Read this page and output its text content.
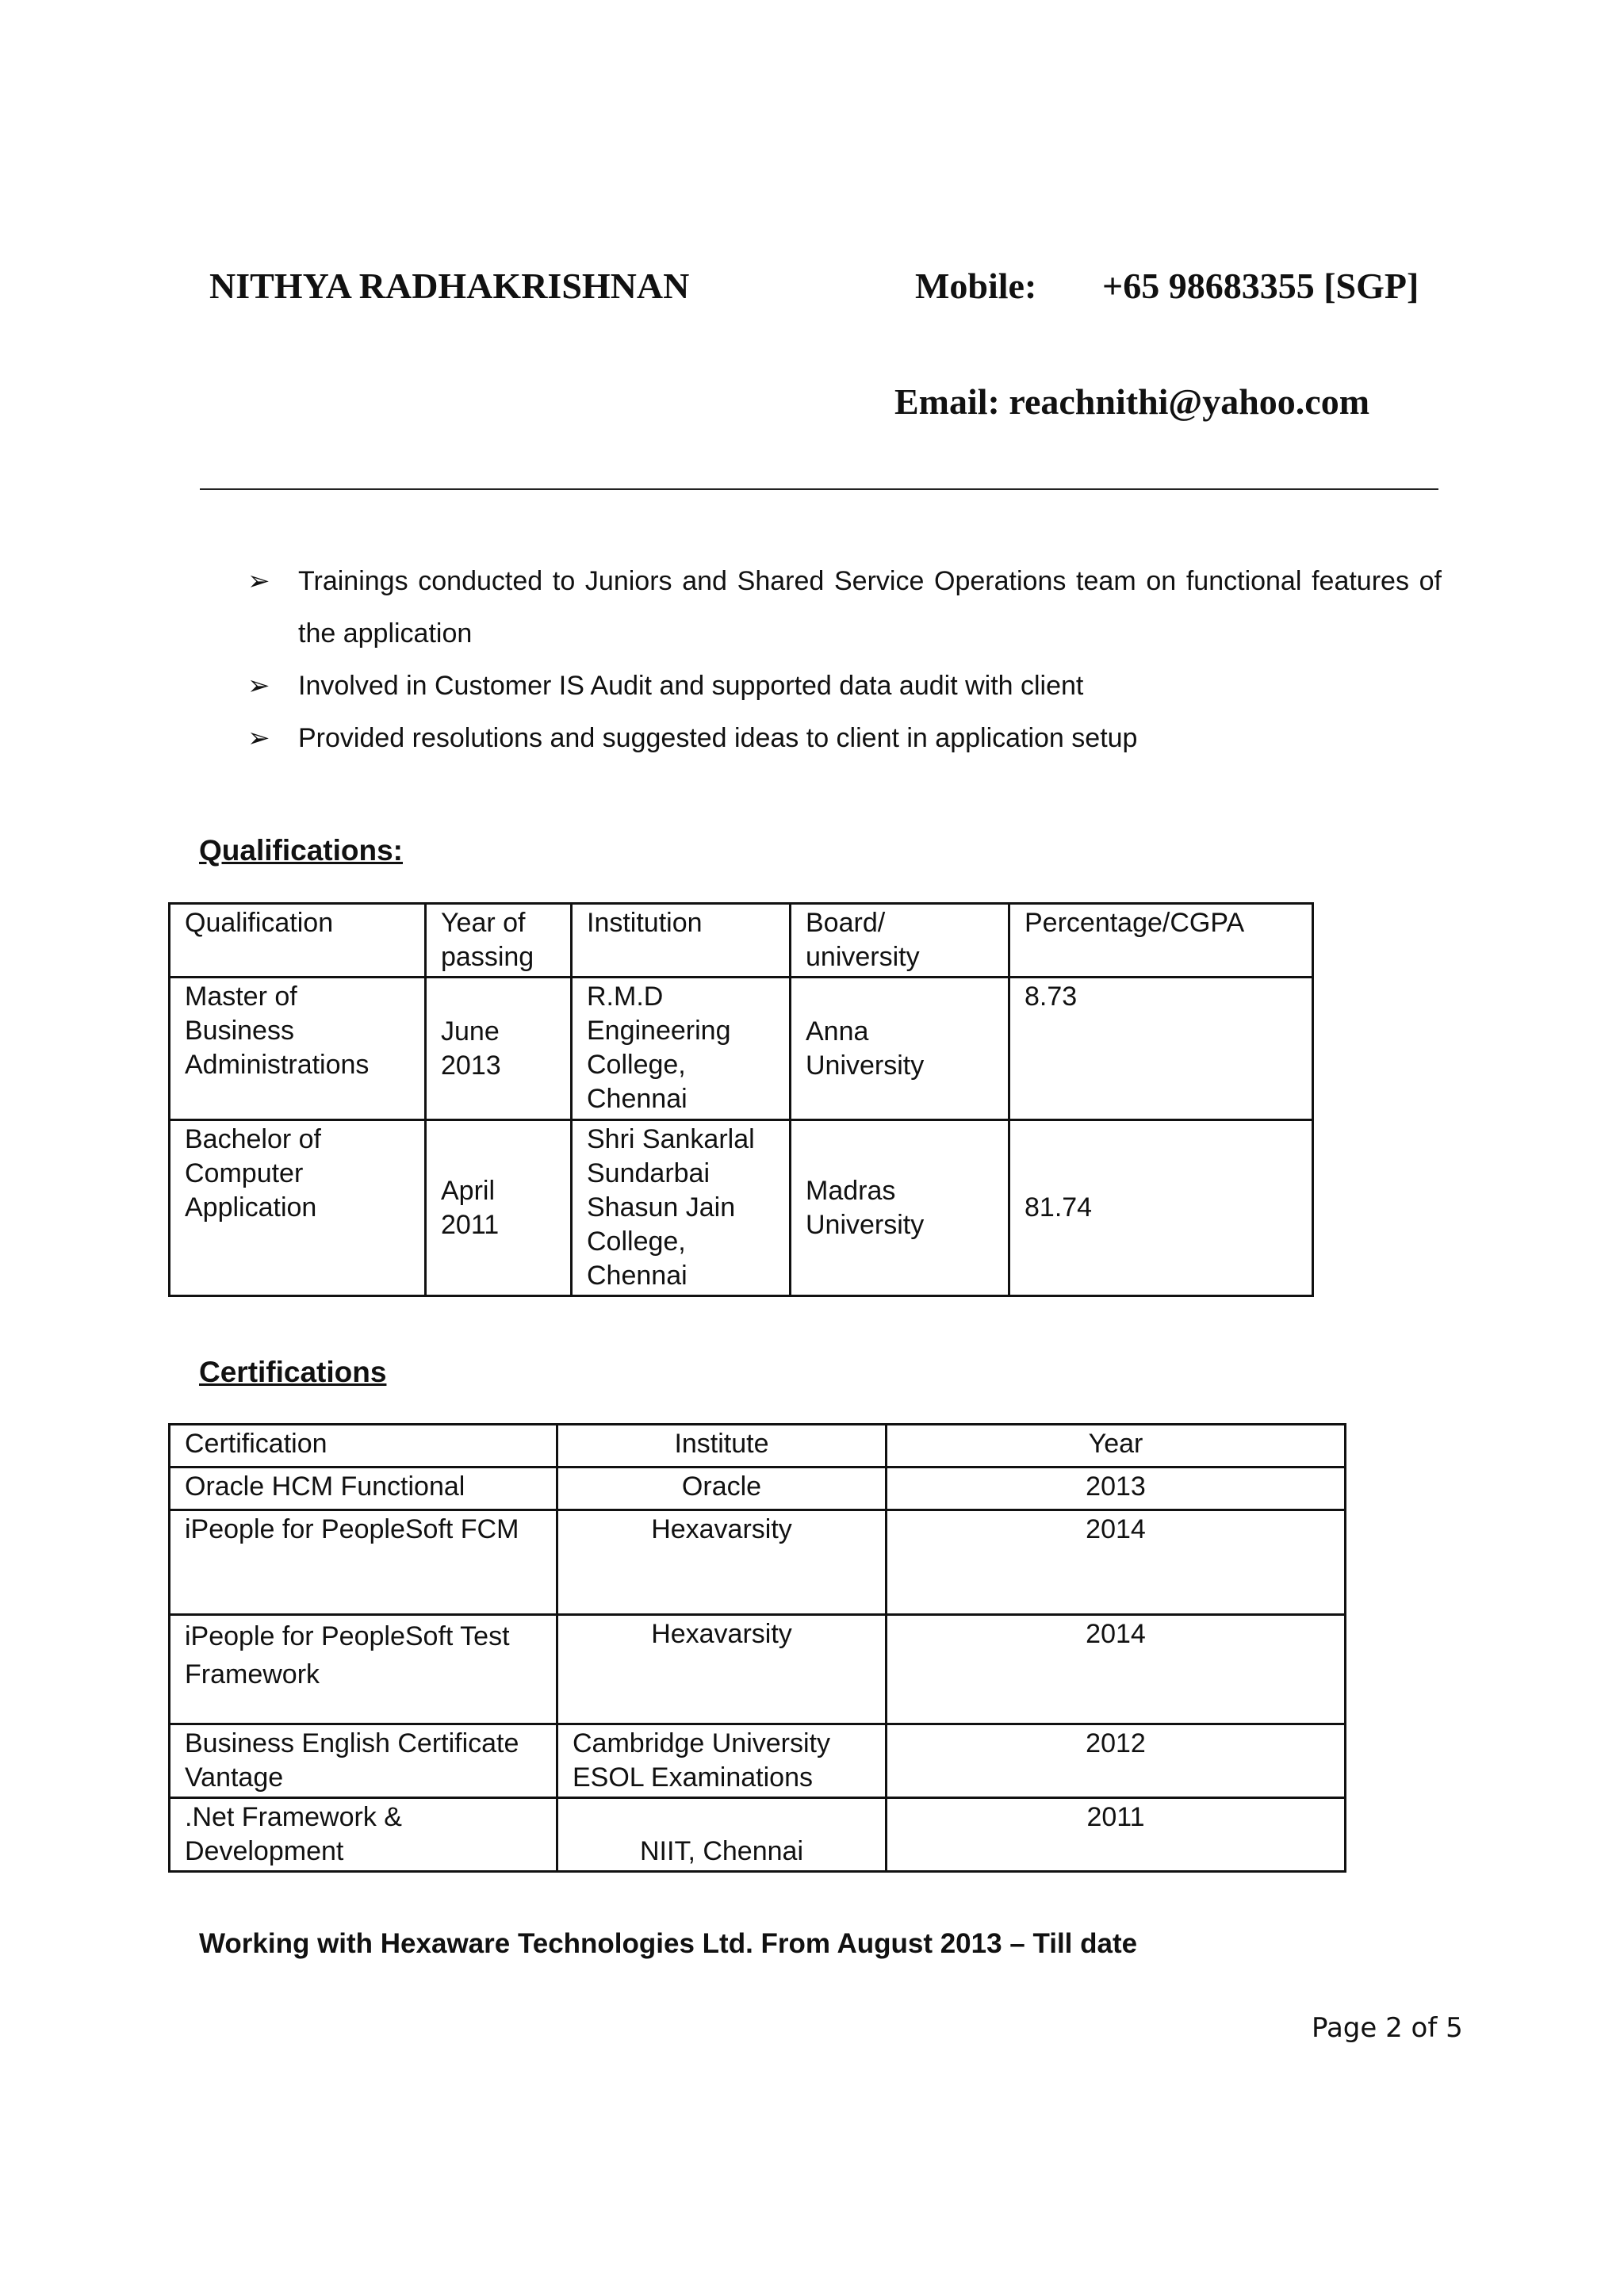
NITHYA RADHAKRISHNAN	Mobile: +65 98683355 [SGP]
Email: reachnithi@yahoo.com
➢ Trainings conducted to Juniors and Shared Service Operations team on functional features of the application
➢ Involved in Customer IS Audit and supported data audit with client
➢ Provided resolutions and suggested ideas to client in application setup
Qualifications:
Qualification	Year of passing	Institution	Board/ university	Percentage/CGPA
Master of Business Administrations	June 2013	R.M.D Engineering College, Chennai	Anna University	8.73
Bachelor of Computer Application	April 2011	Shri Sankarlal Sundarbai Shasun Jain College, Chennai	Madras University	81.74
Certifications
Certification	Institute	Year
Oracle HCM Functional	Oracle	2013
iPeople for PeopleSoft FCM	Hexavarsity	2014
iPeople for PeopleSoft Test Framework	Hexavarsity	2014
Business English Certificate Vantage	Cambridge University ESOL Examinations	2012
.Net Framework & Development	NIIT, Chennai	2011
Working with Hexaware Technologies Ltd. From August 2013 – Till date
Page 2 of 5
